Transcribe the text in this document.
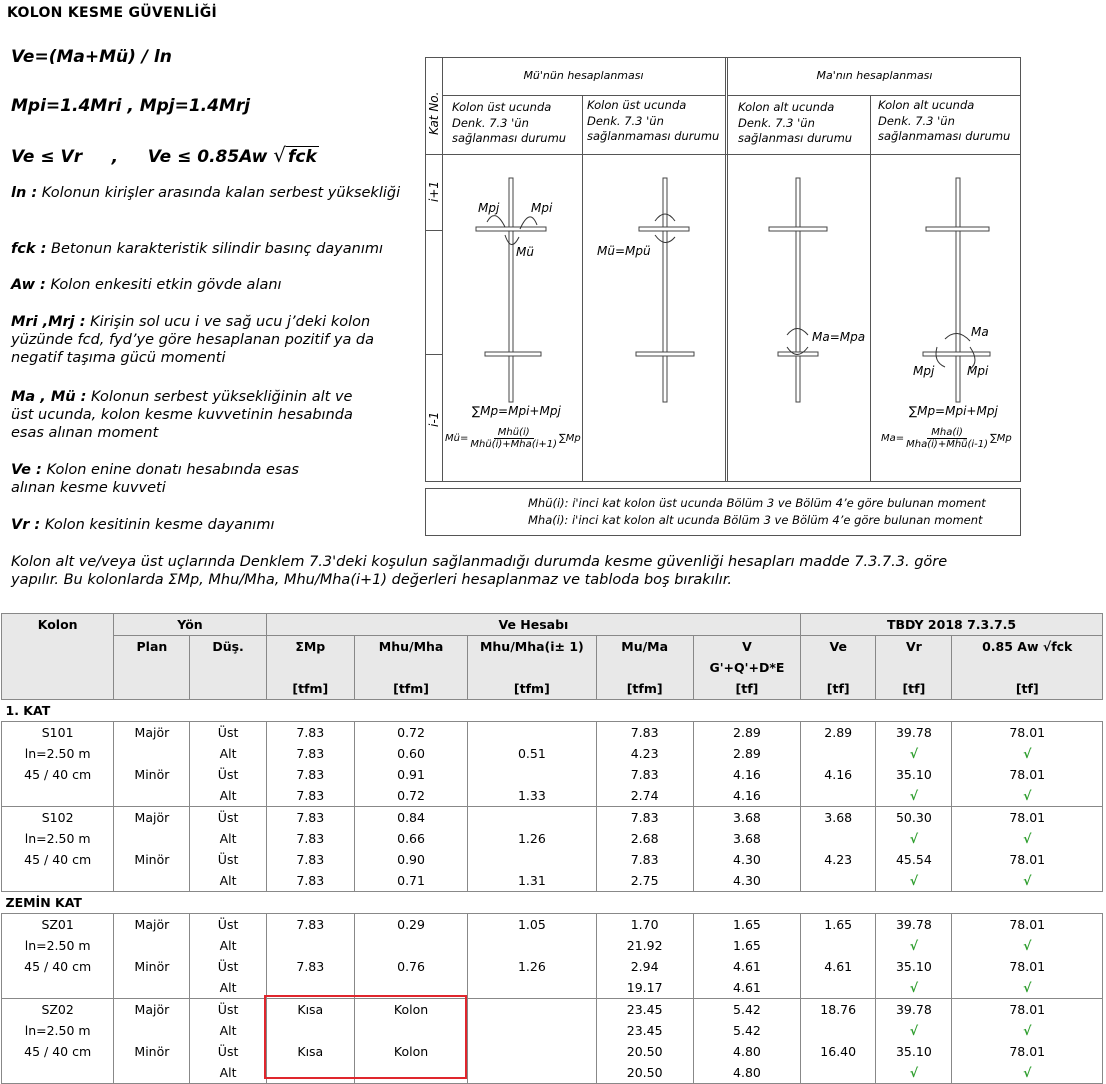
KOLON KESME GÜVENLİĞİ
Ve=(Ma+Mü) / ln
Mpi=1.4Mri , Mpj=1.4Mrj
Ve ≤ Vr     ,     Ve ≤ 0.85Aw √ fck
ln : Kolonun kirişler arasında kalan serbest yüksekliği
fck : Betonun karakteristik silindir basınç dayanımı
Aw : Kolon enkesiti etkin gövde alanı
Mri ,Mrj : Kirişin sol ucu i ve sağ ucu j’deki kolon yüzünde fcd, fyd’ye göre hesaplanan pozitif ya da negatif taşıma gücü momenti
Ma , Mü : Kolonun serbest yüksekliğinin alt ve üst ucunda, kolon kesme kuvvetinin hesabında esas alınan moment
Ve : Kolon enine donatı hesabında esas alınan kesme kuvveti
Vr : Kolon kesitinin kesme dayanımı
Kat No.
i+1
i-1
Mü'nün hesaplanması	Ma'nın hesaplanması
Kolon üst ucunda
Denk. 7.3 'ün
sağlanması durumu
Kolon üst ucunda
Denk. 7.3 'ün
sağlanmaması durumu
Kolon alt ucunda
Denk. 7.3 'ün
sağlanması durumu
Kolon alt ucunda
Denk. 7.3 'ün
sağlanmaması durumu
Mpj	Mpi
Mü	Mü=Mpü
Ma=Mpa	Ma
Mpj	Mpi
∑Mp=Mpi+Mpj	∑Mp=Mpi+Mpj
Mü=
Mhü(i)
Mhü(i)+Mha(i+1)
∑Mp	Ma=
Mha(i)
Mha(i)+Mhü(i-1)
∑Mp
Mhü(i): i'inci kat kolon üst ucunda Bölüm 3 ve Bölüm 4’e göre bulunan moment
Mha(i): i'inci kat kolon alt ucunda Bölüm 3 ve Bölüm 4’e göre bulunan moment
Kolon alt ve/veya üst uçlarında Denklem 7.3'deki koşulun sağlanmadığı durumda kesme güvenliği hesapları madde 7.3.7.3. göre
yapılır. Bu kolonlarda ΣMp, Mhu/Mha, Mhu/Mha(i+1) değerleri hesaplanmaz ve tabloda boş bırakılır.
Kolon	Yön		Ve Hesabı					TBDY 2018 7.3.7.5		
	Plan	Düş.	ΣMp	Mhu/Mha	Mhu/Mha(i± 1)	Mu/Ma	V	Ve	Vr	0.85 Aw √fck
							G'+Q'+D*E			
			[tfm]	[tfm]	[tfm]	[tfm]	[tf]	[tf]	[tf]	[tf]
1. KAT										
S101	Majör	Üst	7.83	0.72		7.83	2.89	2.89	39.78	78.01
ln=2.50 m		Alt	7.83	0.60	0.51	4.23	2.89		√	√
45 / 40 cm	Minör	Üst	7.83	0.91		7.83	4.16	4.16	35.10	78.01
		Alt	7.83	0.72	1.33	2.74	4.16		√	√
S102	Majör	Üst	7.83	0.84		7.83	3.68	3.68	50.30	78.01
ln=2.50 m		Alt	7.83	0.66	1.26	2.68	3.68		√	√
45 / 40 cm	Minör	Üst	7.83	0.90		7.83	4.30	4.23	45.54	78.01
		Alt	7.83	0.71	1.31	2.75	4.30		√	√
ZEMİN KAT										
SZ01	Majör	Üst	7.83	0.29	1.05	1.70	1.65	1.65	39.78	78.01
ln=2.50 m		Alt				21.92	1.65		√	√
45 / 40 cm	Minör	Üst	7.83	0.76	1.26	2.94	4.61	4.61	35.10	78.01
		Alt				19.17	4.61		√	√
SZ02	Majör	Üst	Kısa	Kolon		23.45	5.42	18.76	39.78	78.01
ln=2.50 m		Alt				23.45	5.42		√	√
45 / 40 cm	Minör	Üst	Kısa	Kolon		20.50	4.80	16.40	35.10	78.01
		Alt				20.50	4.80		√	√
